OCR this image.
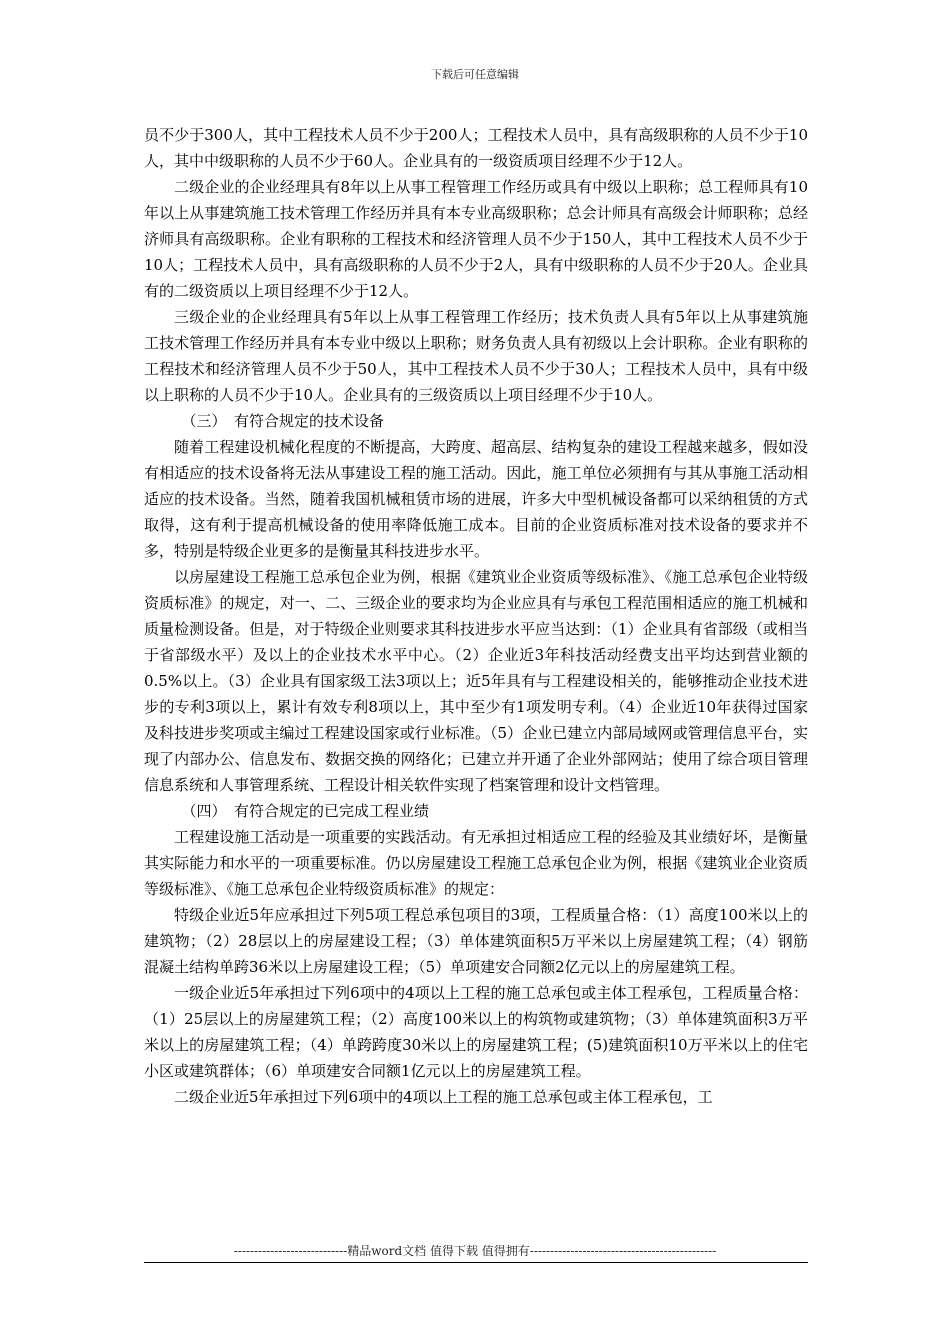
下载后可任意编辑

员不少于300人，其中工程技术人员不少于200人；工程技术人员中，具有高级职称的人员不少于10人，其中中级职称的人员不少于60人。企业具有的一级资质项目经理不少于12人。

二级企业的企业经理具有8年以上从事工程管理工作经历或具有中级以上职称；总工程师具有10年以上从事建筑施工技术管理工作经历并具有本专业高级职称；总会计师具有高级会计师职称；总经济师具有高级职称。企业有职称的工程技术和经济管理人员不少于150人，其中工程技术人员不少于10人；工程技术人员中，具有高级职称的人员不少于2人，具有中级职称的人员不少于20人。企业具有的二级资质以上项目经理不少于12人。

三级企业的企业经理具有5年以上从事工程管理工作经历；技术负责人具有5年以上从事建筑施工技术管理工作经历并具有本专业中级以上职称；财务负责人具有初级以上会计职称。企业有职称的工程技术和经济管理人员不少于50人，其中工程技术人员不少于30人；工程技术人员中，具有中级以上职称的人员不少于10人。企业具有的三级资质以上项目经理不少于10人。

（三）　有符合规定的技术设备

随着工程建设机械化程度的不断提高，大跨度、超高层、结构复杂的建设工程越来越多，假如没有相适应的技术设备将无法从事建设工程的施工活动。因此，施工单位必须拥有与其从事施工活动相适应的技术设备。当然，随着我国机械租赁市场的进展，许多大中型机械设备都可以采纳租赁的方式取得，这有利于提高机械设备的使用率降低施工成本。目前的企业资质标准对技术设备的要求并不多，特别是特级企业更多的是衡量其科技进步水平。

以房屋建设工程施工总承包企业为例，根据《建筑业企业资质等级标准》、《施工总承包企业特级资质标准》的规定，对一、二、三级企业的要求均为企业应具有与承包工程范围相适应的施工机械和质量检测设备。但是，对于特级企业则要求其科技进步水平应当达到：（1）企业具有省部级（或相当于省部级水平）及以上的企业技术水平中心。（2）企业近3年科技活动经费支出平均达到营业额的0.5%以上。（3）企业具有国家级工法3项以上；近5年具有与工程建设相关的，能够推动企业技术进步的专利3项以上，累计有效专利8项以上，其中至少有1项发明专利。（4）企业近10年获得过国家及科技进步奖项或主编过工程建设国家或行业标准。（5）企业已建立内部局域网或管理信息平台，实现了内部办公、信息发布、数据交换的网络化；已建立并开通了企业外部网站；使用了综合项目管理信息系统和人事管理系统、工程设计相关软件实现了档案管理和设计文档管理。

（四）　有符合规定的已完成工程业绩

工程建设施工活动是一项重要的实践活动。有无承担过相适应工程的经验及其业绩好坏，是衡量其实际能力和水平的一项重要标准。仍以房屋建设工程施工总承包企业为例，根据《建筑业企业资质等级标准》、《施工总承包企业特级资质标准》的规定：

特级企业近5年应承担过下列5项工程总承包项目的3项，工程质量合格：（1）高度100米以上的建筑物；（2）28层以上的房屋建设工程；（3）单体建筑面积5万平米以上房屋建筑工程；（4）钢筋混凝土结构单跨36米以上房屋建设工程；（5）单项建安合同额2亿元以上的房屋建筑工程。

一级企业近5年承担过下列6项中的4项以上工程的施工总承包或主体工程承包，工程质量合格：（1）25层以上的房屋建筑工程；（2）高度100米以上的构筑物或建筑物；（3）单体建筑面积3万平米以上的房屋建筑工程；（4）单跨跨度30米以上的房屋建筑工程；(5)建筑面积10万平米以上的住宅小区或建筑群体；（6）单项建安合同额1亿元以上的房屋建筑工程。

二级企业近5年承担过下列6项中的4项以上工程的施工总承包或主体工程承包，工

----------------------------精品word文档 值得下载 值得拥有----------------------------------------------
